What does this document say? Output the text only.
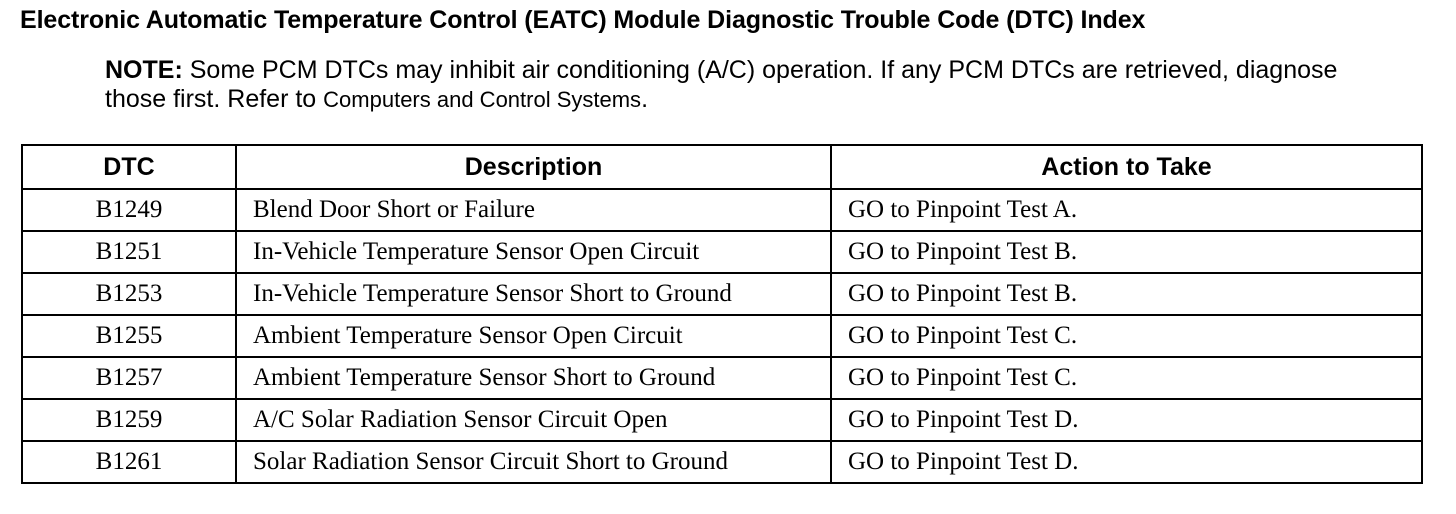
Electronic Automatic Temperature Control (EATC) Module Diagnostic Trouble Code (DTC) Index
NOTE: Some PCM DTCs may inhibit air conditioning (A/C) operation. If any PCM DTCs are retrieved, diagnose those first. Refer to Computers and Control Systems.
DTC	Description	Action to Take
B1249	Blend Door Short or Failure	GO to Pinpoint Test A.
B1251	In-Vehicle Temperature Sensor Open Circuit	GO to Pinpoint Test B.
B1253	In-Vehicle Temperature Sensor Short to Ground	GO to Pinpoint Test B.
B1255	Ambient Temperature Sensor Open Circuit	GO to Pinpoint Test C.
B1257	Ambient Temperature Sensor Short to Ground	GO to Pinpoint Test C.
B1259	A/C Solar Radiation Sensor Circuit Open	GO to Pinpoint Test D.
B1261	Solar Radiation Sensor Circuit Short to Ground	GO to Pinpoint Test D.
